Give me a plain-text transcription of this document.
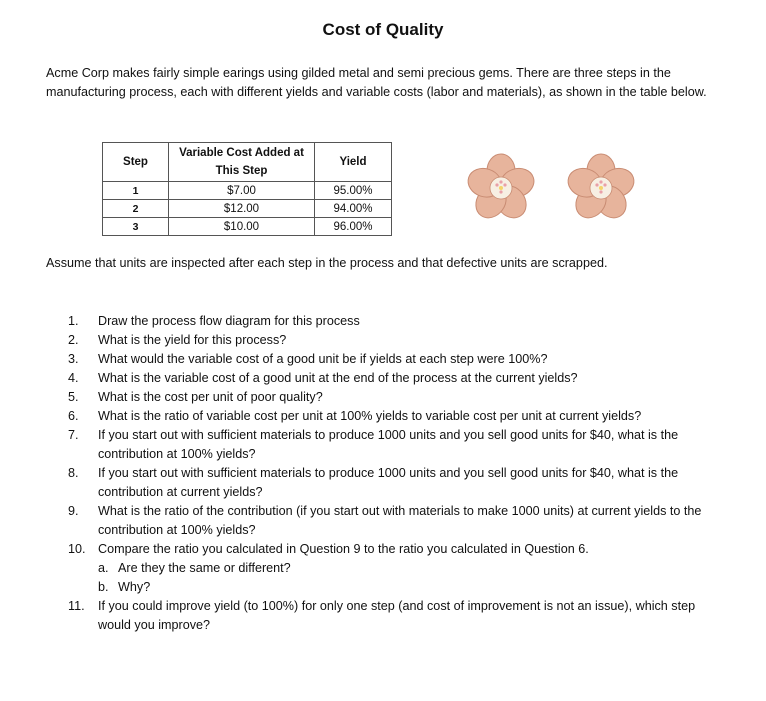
Cost of Quality

Acme Corp makes fairly simple earings using gilded metal and semi precious gems. There are three steps in the manufacturing process, each with different yields and variable costs (labor and materials), as shown in the table below.

Step	Variable Cost Added at This Step	Yield
1	$7.00	95.00%
2	$12.00	94.00%
3	$10.00	96.00%

Assume that units are inspected after each step in the process and that defective units are scrapped.

1. Draw the process flow diagram for this process
2. What is the yield for this process?
3. What would the variable cost of a good unit be if yields at each step were 100%?
4. What is the variable cost of a good unit at the end of the process at the current yields?
5. What is the cost per unit of poor quality?
6. What is the ratio of variable cost per unit at 100% yields to variable cost per unit at current yields?
7. If you start out with sufficient materials to produce 1000 units and you sell good units for $40, what is the contribution at 100% yields?
8. If you start out with sufficient materials to produce 1000 units and you sell good units for $40, what is the contribution at current yields?
9. What is the ratio of the contribution (if you start out with materials to make 1000 units) at current yields to the contribution at 100% yields?
10. Compare the ratio you calculated in Question 9 to the ratio you calculated in Question 6.
a. Are they the same or different?
b. Why?
11. If you could improve yield (to 100%) for only one step (and cost of improvement is not an issue), which step would you improve?
